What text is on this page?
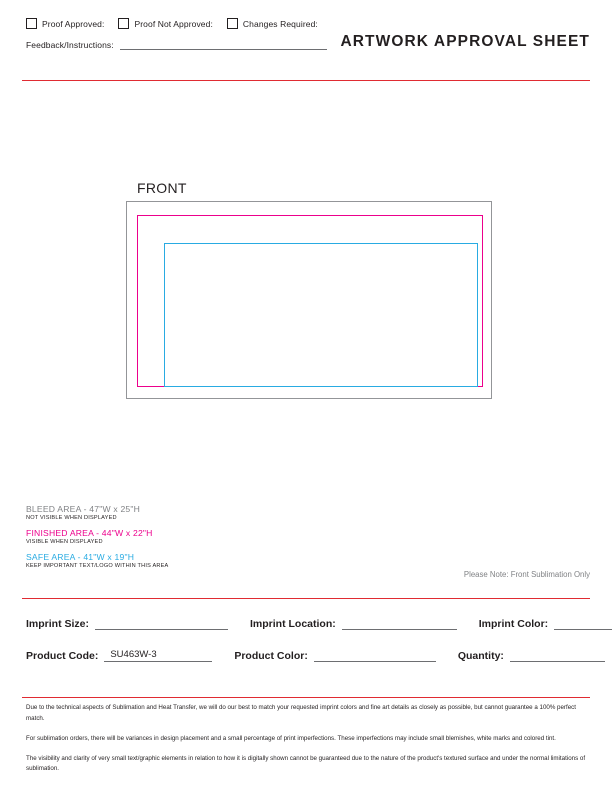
Proof Approved:	Proof Not Approved:	Changes Required:
Feedback/Instructions:	ARTWORK APPROVAL SHEET
FRONT
BLEED AREA - 47"W x 25"H
NOT VISIBLE WHEN DISPLAYED
FINISHED AREA - 44"W x 22"H
VISIBLE WHEN DISPLAYED
SAFE AREA - 41"W x 19"H
KEEP IMPORTANT TEXT/LOGO WITHIN THIS AREA
Please Note: Front Sublimation Only
Imprint Size:	Imprint Location:	Imprint Color:
Product Code: SU463W-3	Product Color:	Quantity:

Due to the technical aspects of Sublimation and Heat Transfer, we will do our best to match your requested imprint colors and fine art details as closely as possible, but cannot guarantee a 100% perfect match.

For sublimation orders, there will be variances in design placement and a small percentage of print imperfections. These imperfections may include small blemishes, white marks and colored tint.

The visibility and clarity of very small text/graphic elements in relation to how it is digitally shown cannot be guaranteed due to the nature of the product's textured surface and under the normal limitations of sublimation.
